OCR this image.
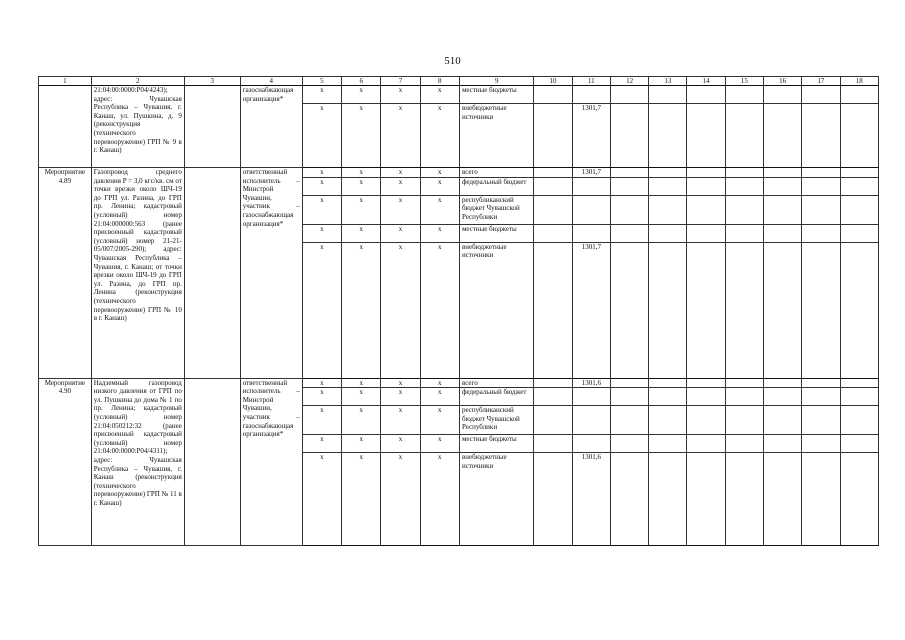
510
1	2	3	4	5	6	7	8	9	10	11	12	13	14	15	16	17	18
	21:04:00:0000:P04/4243); адрес: Чувашская Республика – Чувашия, г. Канаш, ул. Пушкина, д. 9 (реконструкция (технического перевооружение) ГРП № 9 в г. Канаш)		газоснабжающая организация*	x	x	x	x	местные бюджеты									
				x	x	x	x	внебюджетные источники		1301,7							
Мероприятие 4.89	Газопровод среднего давления P = 3,0 кгс/кв. см от точки врезки около ШЧ-19 до ГРП ул. Разина, до ГРП пр. Ленина; кадастровый (условный) номер 21:04:000000:563 (ранее присвоенный кадастровый (условный) номер 21-21-05/007/2005-290); адрес: Чувашская Республика – Чувашия, г. Канаш; от точки врезки около ШЧ-19 до ГРП ул. Разина, до ГРП пр. Ленина (реконструкция (технического перевооружение) ГРП № 10 в г. Канаш)		ответственный исполнитель – Минстрой Чувашии, участник – газоснабжающая организация*	x	x	x	x	всего		1301,7							
				x	x	x	x	федеральный бюджет									
				x	x	x	x	республиканский бюджет Чувашской Республики									
				x	x	x	x	местные бюджеты									
				x	x	x	x	внебюджетные источники		1301,7							
Мероприятие 4.90	Надземный газопровод низкого давления от ГРП по ул. Пушкина до дома № 1 по пр. Ленина; кадастровый (условный) номер 21:04:050212:32 (ранее присвоенный кадастровый (условный) номер 21:04:00:0000:P04/4311); адрес: Чувашская Республика – Чувашия, г. Канаш (реконструкция (технического перевооружение) ГРП № 11 в г. Канаш)		ответственный исполнитель – Минстрой Чувашии, участник – газоснабжающая организация*	x	x	x	x	всего		1301,6							
				x	x	x	x	федеральный бюджет									
				x	x	x	x	республиканский бюджет Чувашской Республики									
				x	x	x	x	местные бюджеты									
				x	x	x	x	внебюджетные источники		1301,6							
